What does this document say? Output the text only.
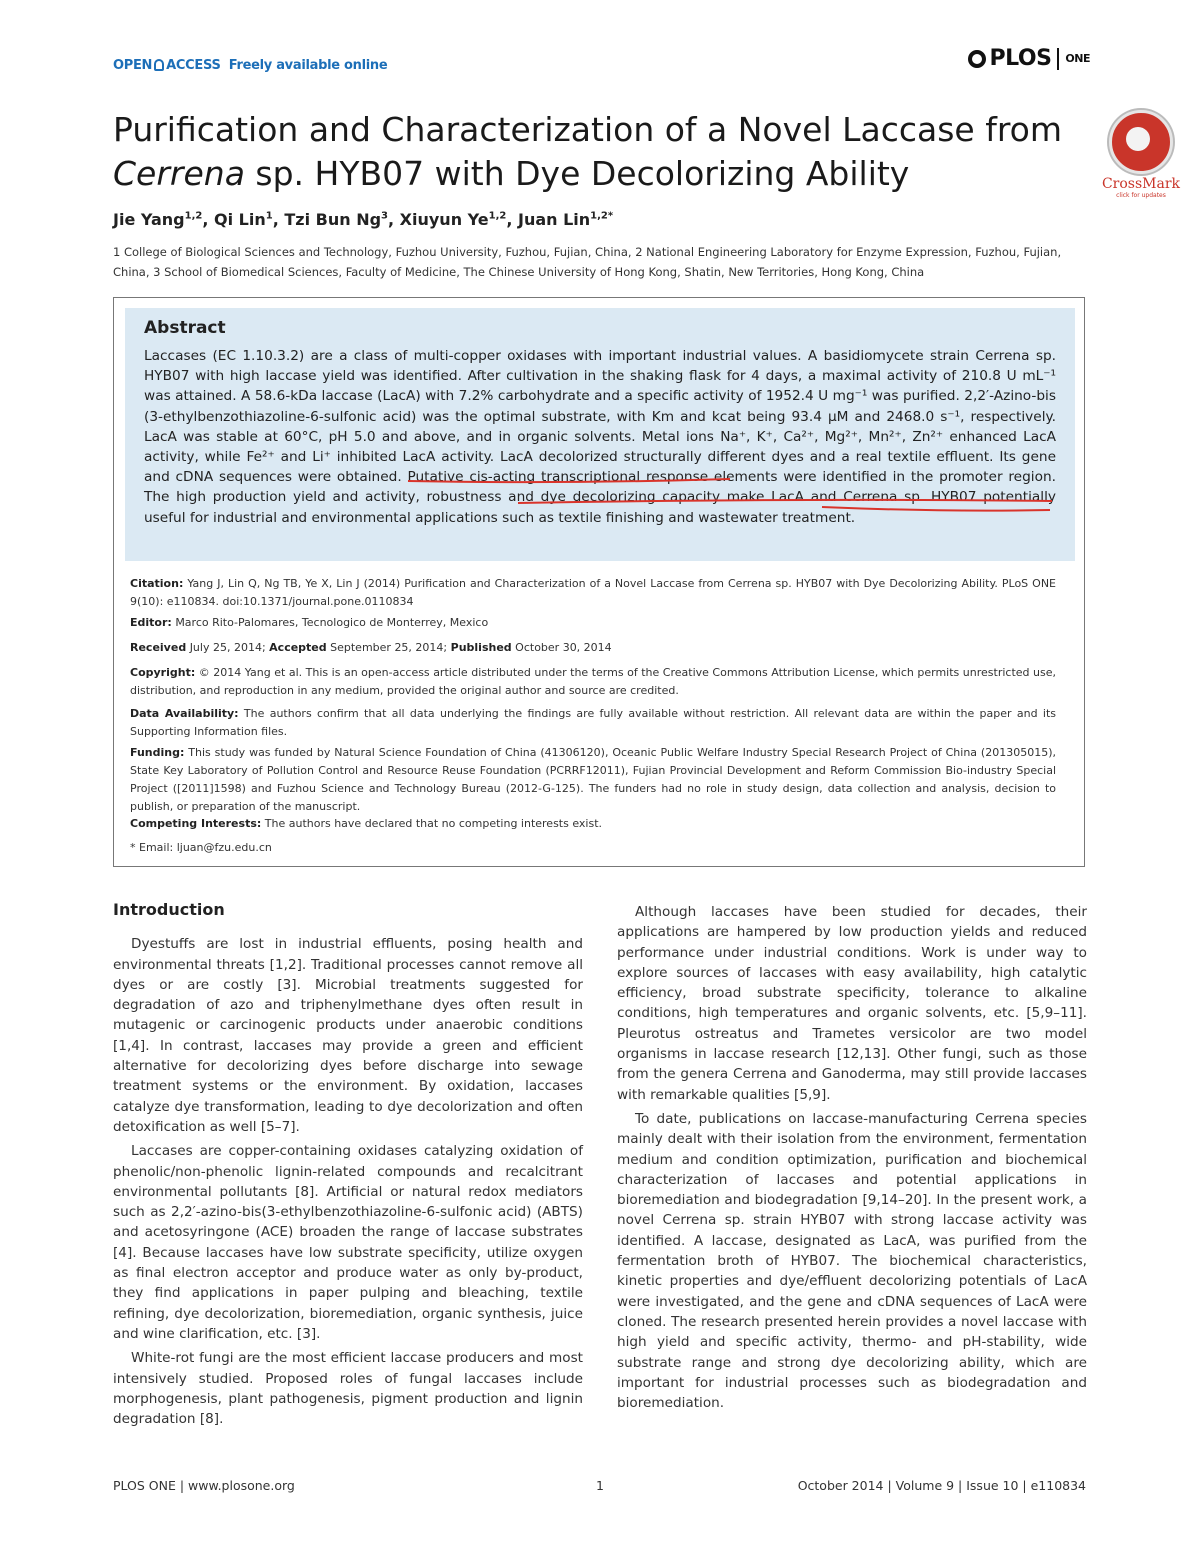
OPEN ACCESS Freely available online	PLOS ONE
Purification and Characterization of a Novel Laccase from
Cerrena sp. HYB07 with Dye Decolorizing Ability	CrossMark
click for updates
Jie Yang$^{1,2}$, Qi Lin$^1$, Tzi Bun Ng$^3$, Xiuyun Ye$^{1,2}$, Juan Lin$^{1,2*}$
1 College of Biological Sciences and Technology, Fuzhou University, Fuzhou, Fujian, China, 2 National Engineering Laboratory for Enzyme Expression, Fuzhou, Fujian, China, 3 School of Biomedical Sciences, Faculty of Medicine, The Chinese University of Hong Kong, Shatin, New Territories, Hong Kong, China
Abstract

Laccases (EC 1.10.3.2) are a class of multi-copper oxidases with important industrial values. A basidiomycete strain Cerrena sp. HYB07 with high laccase yield was identified. After cultivation in the shaking flask for 4 days, a maximal activity of 210.8 U mL⁻¹ was attained. A 58.6-kDa laccase (LacA) with 7.2% carbohydrate and a specific activity of 1952.4 U mg⁻¹ was purified. 2,2′-Azino-bis (3-ethylbenzothiazoline-6-sulfonic acid) was the optimal substrate, with Km and kcat being 93.4 μM and 2468.0 s⁻¹, respectively. LacA was stable at 60°C, pH 5.0 and above, and in organic solvents. Metal ions Na⁺, K⁺, Ca²⁺, Mg²⁺, Mn²⁺, Zn²⁺ enhanced LacA activity, while Fe²⁺ and Li⁺ inhibited LacA activity. LacA decolorized structurally different dyes and a real textile effluent. Its gene and cDNA sequences were obtained. Putative cis-acting transcriptional response elements were identified in the promoter region. The high production yield and activity, robustness and dye decolorizing capacity make LacA and Cerrena sp. HYB07 potentially useful for industrial and environmental applications such as textile finishing and wastewater treatment.

Citation: Yang J, Lin Q, Ng TB, Ye X, Lin J (2014) Purification and Characterization of a Novel Laccase from Cerrena sp. HYB07 with Dye Decolorizing Ability. PLoS ONE 9(10): e110834. doi:10.1371/journal.pone.0110834
Editor: Marco Rito-Palomares, Tecnologico de Monterrey, Mexico
Received July 25, 2014; Accepted September 25, 2014; Published October 30, 2014
Copyright: © 2014 Yang et al. This is an open-access article distributed under the terms of the Creative Commons Attribution License, which permits unrestricted use, distribution, and reproduction in any medium, provided the original author and source are credited.
Data Availability: The authors confirm that all data underlying the findings are fully available without restriction. All relevant data are within the paper and its Supporting Information files.
Funding: This study was funded by Natural Science Foundation of China (41306120), Oceanic Public Welfare Industry Special Research Project of China (201305015), State Key Laboratory of Pollution Control and Resource Reuse Foundation (PCRRF12011), Fujian Provincial Development and Reform Commission Bio-industry Special Project ([2011]1598) and Fuzhou Science and Technology Bureau (2012-G-125). The funders had no role in study design, data collection and analysis, decision to publish, or preparation of the manuscript.
Competing Interests: The authors have declared that no competing interests exist.
* Email: ljuan@fzu.edu.cn
Introduction

Dyestuffs are lost in industrial effluents, posing health and environmental threats [1,2]. Traditional processes cannot remove all dyes or are costly [3]. Microbial treatments suggested for degradation of azo and triphenylmethane dyes often result in mutagenic or carcinogenic products under anaerobic conditions [1,4]. In contrast, laccases may provide a green and efficient alternative for decolorizing dyes before discharge into sewage treatment systems or the environment. By oxidation, laccases catalyze dye transformation, leading to dye decolorization and often detoxification as well [5–7].

Laccases are copper-containing oxidases catalyzing oxidation of phenolic/non-phenolic lignin-related compounds and recalcitrant environmental pollutants [8]. Artificial or natural redox mediators such as 2,2′-azino-bis(3-ethylbenzothiazoline-6-sulfonic acid) (ABTS) and acetosyringone (ACE) broaden the range of laccase substrates [4]. Because laccases have low substrate specificity, utilize oxygen as final electron acceptor and produce water as only by-product, they find applications in paper pulping and bleaching, textile refining, dye decolorization, bioremediation, organic synthesis, juice and wine clarification, etc. [3].

White-rot fungi are the most efficient laccase producers and most intensively studied. Proposed roles of fungal laccases include morphogenesis, plant pathogenesis, pigment production and lignin degradation [8].

Although laccases have been studied for decades, their applications are hampered by low production yields and reduced performance under industrial conditions. Work is under way to explore sources of laccases with easy availability, high catalytic efficiency, broad substrate specificity, tolerance to alkaline conditions, high temperatures and organic solvents, etc. [5,9–11]. Pleurotus ostreatus and Trametes versicolor are two model organisms in laccase research [12,13]. Other fungi, such as those from the genera Cerrena and Ganoderma, may still provide laccases with remarkable qualities [5,9].

To date, publications on laccase-manufacturing Cerrena species mainly dealt with their isolation from the environment, fermentation medium and condition optimization, purification and biochemical characterization of laccases and potential applications in bioremediation and biodegradation [9,14–20]. In the present work, a novel Cerrena sp. strain HYB07 with strong laccase activity was identified. A laccase, designated as LacA, was purified from the fermentation broth of HYB07. The biochemical characteristics, kinetic properties and dye/effluent decolorizing potentials of LacA were investigated, and the gene and cDNA sequences of LacA were cloned. The research presented herein provides a novel laccase with high yield and specific activity, thermo- and pH-stability, wide substrate range and strong dye decolorizing ability, which are important for industrial processes such as biodegradation and bioremediation.

PLOS ONE | www.plosone.org	1	October 2014 | Volume 9 | Issue 10 | e110834
